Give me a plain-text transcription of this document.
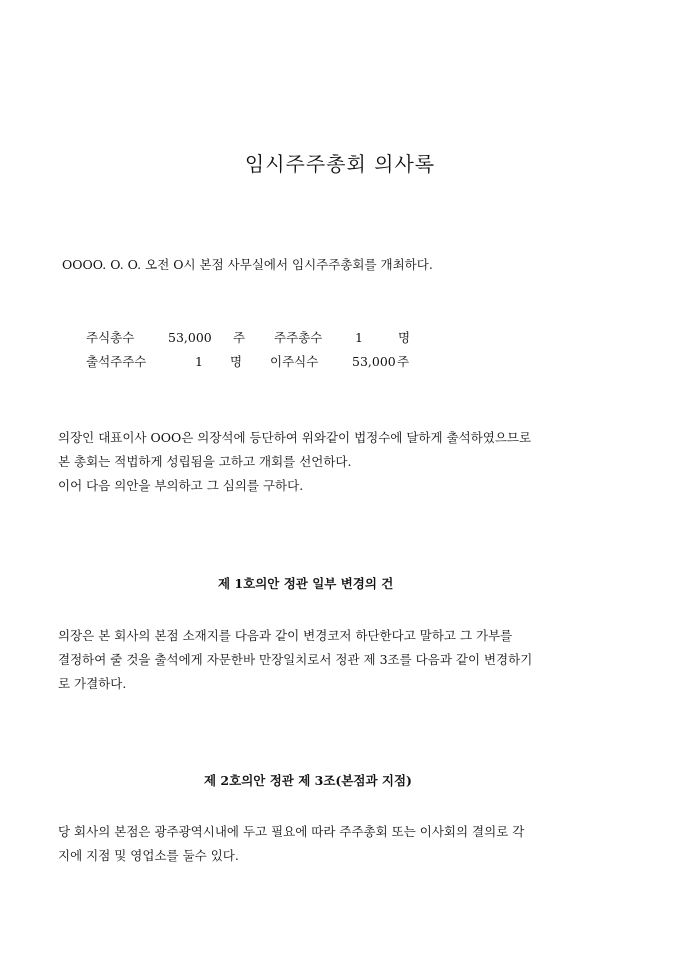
임시주주총회 의사록
OOOO. O. O. 오전 O시 본점 사무실에서 임시주주총회를 개최하다.
주식총수	53,000 주 주주총수	1	명
출석주주수	1 명 이주식수	53,000 주
의장인 대표이사 OOO은 의장석에 등단하여 위와같이 법정수에 달하게 출석하였으므로
본 총회는 적법하게 성립됨을 고하고 개회를 선언하다.
이어 다음 의안을 부의하고 그 심의를 구하다.
제 1호의안 정관 일부 변경의 건
의장은 본 회사의 본점 소재지를 다음과 같이 변경코저 하단한다고 말하고 그 가부를
결정하여 줄 것을 출석에게 자문한바 만장일치로서 정관 제 3조를 다음과 같이 변경하기
로 가결하다.
제 2호의안 정관 제 3조(본점과 지점)
당 회사의 본점은 광주광역시내에 두고 필요에 따라 주주총회 또는 이사회의 결의로 각
지에 지점 및 영업소를 둘수 있다.
